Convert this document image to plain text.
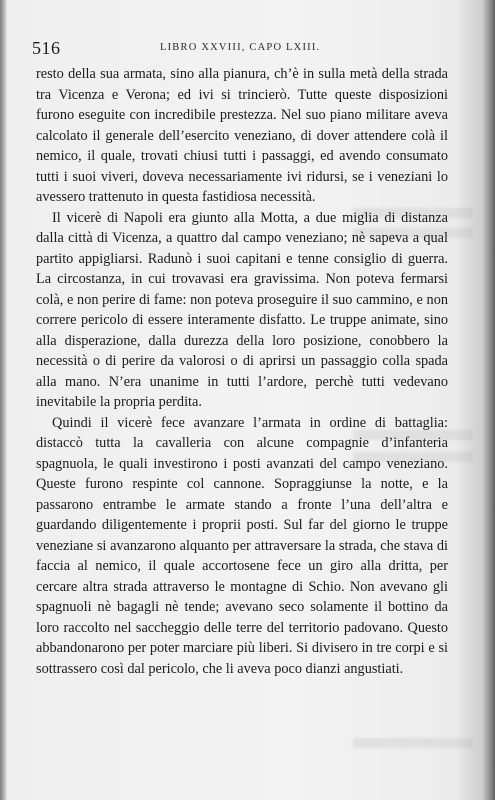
516	LIBRO XXVIII, CAPO LXIII.

resto della sua armata, sino alla pianura, ch’è in sulla metà della strada tra Vicenza e Verona; ed ivi si trincierò. Tutte queste disposizioni furono eseguite con incredibile prestezza. Nel suo piano militare aveva calcolato il generale dell’esercito veneziano, di dover attendere colà il nemico, il quale, trovati chiusi tutti i passaggi, ed avendo consumato tutti i suoi viveri, doveva necessariamente ivi ridursi, se i veneziani lo avessero trattenuto in questa fastidiosa necessità.

Il vicerè di Napoli era giunto alla Motta, a due miglia di distanza dalla città di Vicenza, a quattro dal campo veneziano; nè sapeva a qual partito appigliarsi. Radunò i suoi capitani e tenne consiglio di guerra. La circostanza, in cui trovavasi era gravissima. Non poteva fermarsi colà, e non perire di fame: non poteva proseguire il suo cammino, e non correre pericolo di essere interamente disfatto. Le truppe animate, sino alla disperazione, dalla durezza della loro posizione, conobbero la necessità o di perire da valorosi o di aprirsi un passaggio colla spada alla mano. N’era unanime in tutti l’ardore, perchè tutti vedevano inevitabile la propria perdita.

Quindi il vicerè fece avanzare l’armata in ordine di battaglia: distaccò tutta la cavalleria con alcune compagnie d’infanteria spagnuola, le quali investirono i posti avanzati del campo veneziano. Queste furono respinte col cannone. Sopraggiunse la notte, e la passarono entrambe le armate stando a fronte l’una dell’altra e guardando diligentemente i proprii posti. Sul far del giorno le truppe veneziane si avanzarono alquanto per attraversare la strada, che stava di faccia al nemico, il quale accortosene fece un giro alla dritta, per cercare altra strada attraverso le montagne di Schio. Non avevano gli spagnuoli nè bagagli nè tende; avevano seco solamente il bottino da loro raccolto nel saccheggio delle terre del territorio padovano. Questo abbandonarono per poter marciare più liberi. Si divisero in tre corpi e si sottrassero così dal pericolo, che li aveva poco dianzi angustiati.
